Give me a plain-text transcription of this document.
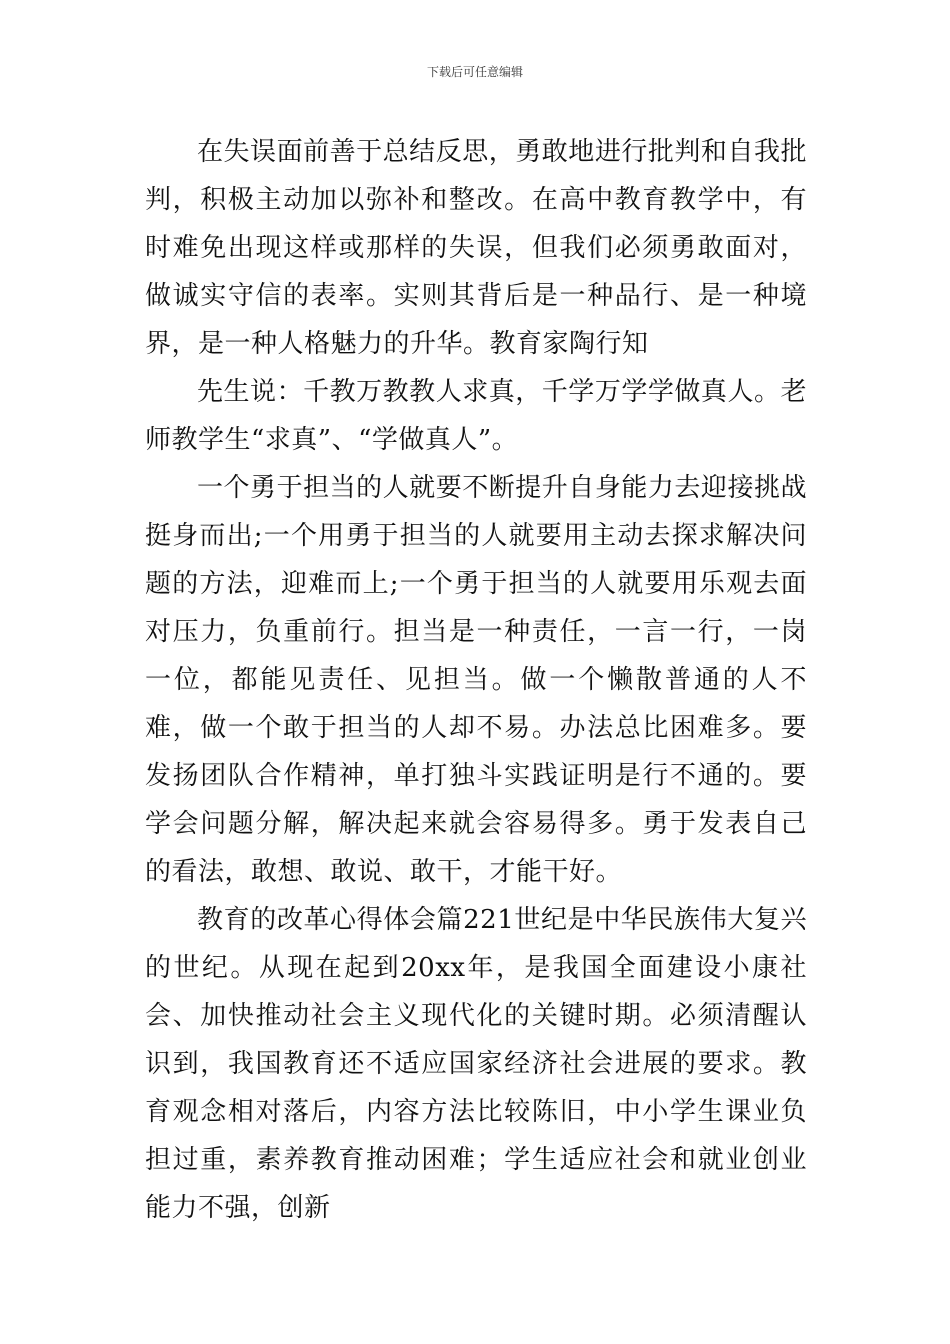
下载后可任意编辑

在失误面前善于总结反思，勇敢地进行批判和自我批判，积极主动加以弥补和整改。在高中教育教学中，有时难免出现这样或那样的失误，但我们必须勇敢面对，做诚实守信的表率。实则其背后是一种品行、是一种境界，是一种人格魅力的升华。教育家陶行知

先生说：千教万教教人求真，千学万学学做真人。老师教学生“求真”、“学做真人”。

一个勇于担当的人就要不断提升自身能力去迎接挑战挺身而出;一个用勇于担当的人就要用主动去探求解决问题的方法，迎难而上;一个勇于担当的人就要用乐观去面对压力，负重前行。担当是一种责任，一言一行，一岗一位，都能见责任、见担当。做一个懒散普通的人不难，做一个敢于担当的人却不易。办法总比困难多。要发扬团队合作精神，单打独斗实践证明是行不通的。要学会问题分解，解决起来就会容易得多。勇于发表自己的看法，敢想、敢说、敢干，才能干好。

教育的改革心得体会篇221世纪是中华民族伟大复兴的世纪。从现在起到20xx年，是我国全面建设小康社会、加快推动社会主义现代化的关键时期。必须清醒认识到，我国教育还不适应国家经济社会进展的要求。教育观念相对落后，内容方法比较陈旧，中小学生课业负担过重，素养教育推动困难；学生适应社会和就业创业能力不强，创新
